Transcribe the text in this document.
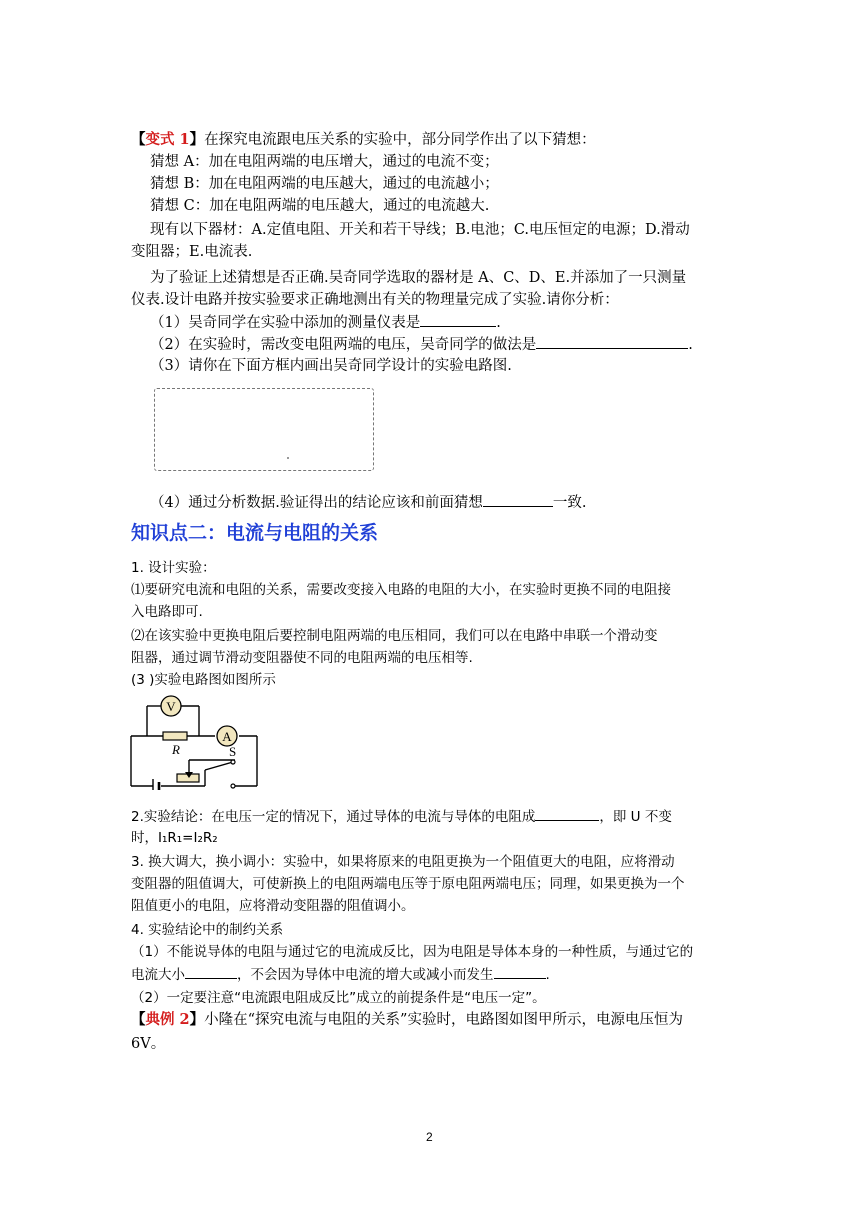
【变式 1】在探究电流跟电压关系的实验中，部分同学作出了以下猜想：
猜想 A：加在电阻两端的电压增大，通过的电流不变；
猜想 B：加在电阻两端的电压越大，通过的电流越小；
猜想 C：加在电阻两端的电压越大，通过的电流越大.
现有以下器材：A.定值电阻、开关和若干导线；B.电池；C.电压恒定的电源；D.滑动
变阻器；E.电流表.
为了验证上述猜想是否正确.吴奇同学选取的器材是 A、C、D、E.并添加了一只测量
仪表.设计电路并按实验要求正确地测出有关的物理量完成了实验.请你分析：
（1）吴奇同学在实验中添加的测量仪表是	.
（2）在实验时，需改变电阻两端的电压，吴奇同学的做法是	.
（3）请你在下面方框内画出吴奇同学设计的实验电路图.
（4）通过分析数据.验证得出的结论应该和前面猜想	一致.
知识点二：电流与电阻的关系
1. 设计实验：
⑴要研究电流和电阻的关系，需要改变接入电路的电阻的大小，在实验时更换不同的电阻接
入电路即可.
⑵在该实验中更换电阻后要控制电阻两端的电压相同，我们可以在电路中串联一个滑动变
阻器，通过调节滑动变阻器使不同的电阻两端的电压相等.
(3 )实验电路图如图所示
V
A
R	S
2.实验结论：在电压一定的情况下，通过导体的电流与导体的电阻成	，即 U 不变
时，I₁R₁=I₂R₂
3. 换大调大，换小调小：实验中，如果将原来的电阻更换为一个阻值更大的电阻，应将滑动
变阻器的阻值调大，可使新换上的电阻两端电压等于原电阻两端电压；同理，如果更换为一个
阻值更小的电阻，应将滑动变阻器的阻值调小。
4. 实验结论中的制约关系
（1）不能说导体的电阻与通过它的电流成反比，因为电阻是导体本身的一种性质，与通过它的
电流大小	，不会因为导体中电流的增大或减小而发生	.
（2）一定要注意“电流跟电阻成反比”成立的前提条件是“电压一定”。
【典例 2】小隆在“探究电流与电阻的关系”实验时，电路图如图甲所示，电源电压恒为
6V。
2
